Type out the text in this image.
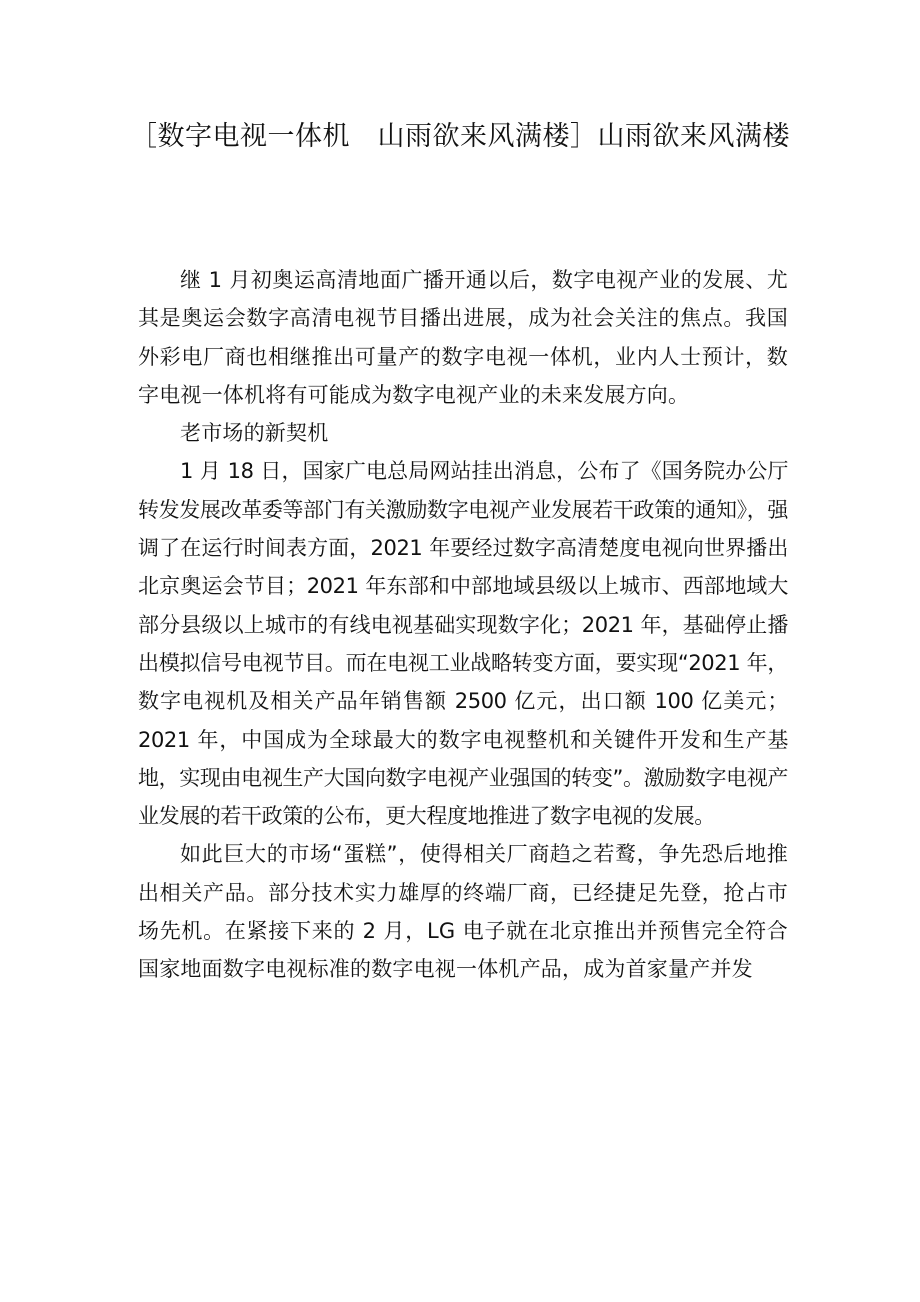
［数字电视一体机　山雨欲来风满楼］山雨欲来风满楼

继 1 月初奥运高清地面广播开通以后，数字电视产业的发展、尤其是奥运会数字高清电视节目播出进展，成为社会关注的焦点。我国外彩电厂商也相继推出可量产的数字电视一体机，业内人士预计，数字电视一体机将有可能成为数字电视产业的未来发展方向。

老市场的新契机

1 月 18 日，国家广电总局网站挂出消息，公布了《国务院办公厅转发发展改革委等部门有关激励数字电视产业发展若干政策的通知》，强调了在运行时间表方面，2021 年要经过数字高清楚度电视向世界播出北京奥运会节目；2021 年东部和中部地域县级以上城市、西部地域大部分县级以上城市的有线电视基础实现数字化；2021 年，基础停止播出模拟信号电视节目。而在电视工业战略转变方面，要实现“2021 年，数字电视机及相关产品年销售额 2500 亿元，出口额 100 亿美元；2021 年，中国成为全球最大的数字电视整机和关键件开发和生产基地，实现由电视生产大国向数字电视产业强国的转变”。激励数字电视产业发展的若干政策的公布，更大程度地推进了数字电视的发展。

如此巨大的市场“蛋糕”，使得相关厂商趋之若鹜，争先恐后地推出相关产品。部分技术实力雄厚的终端厂商，已经捷足先登，抢占市场先机。在紧接下来的 2 月，LG 电子就在北京推出并预售完全符合国家地面数字电视标准的数字电视一体机产品，成为首家量产并发
